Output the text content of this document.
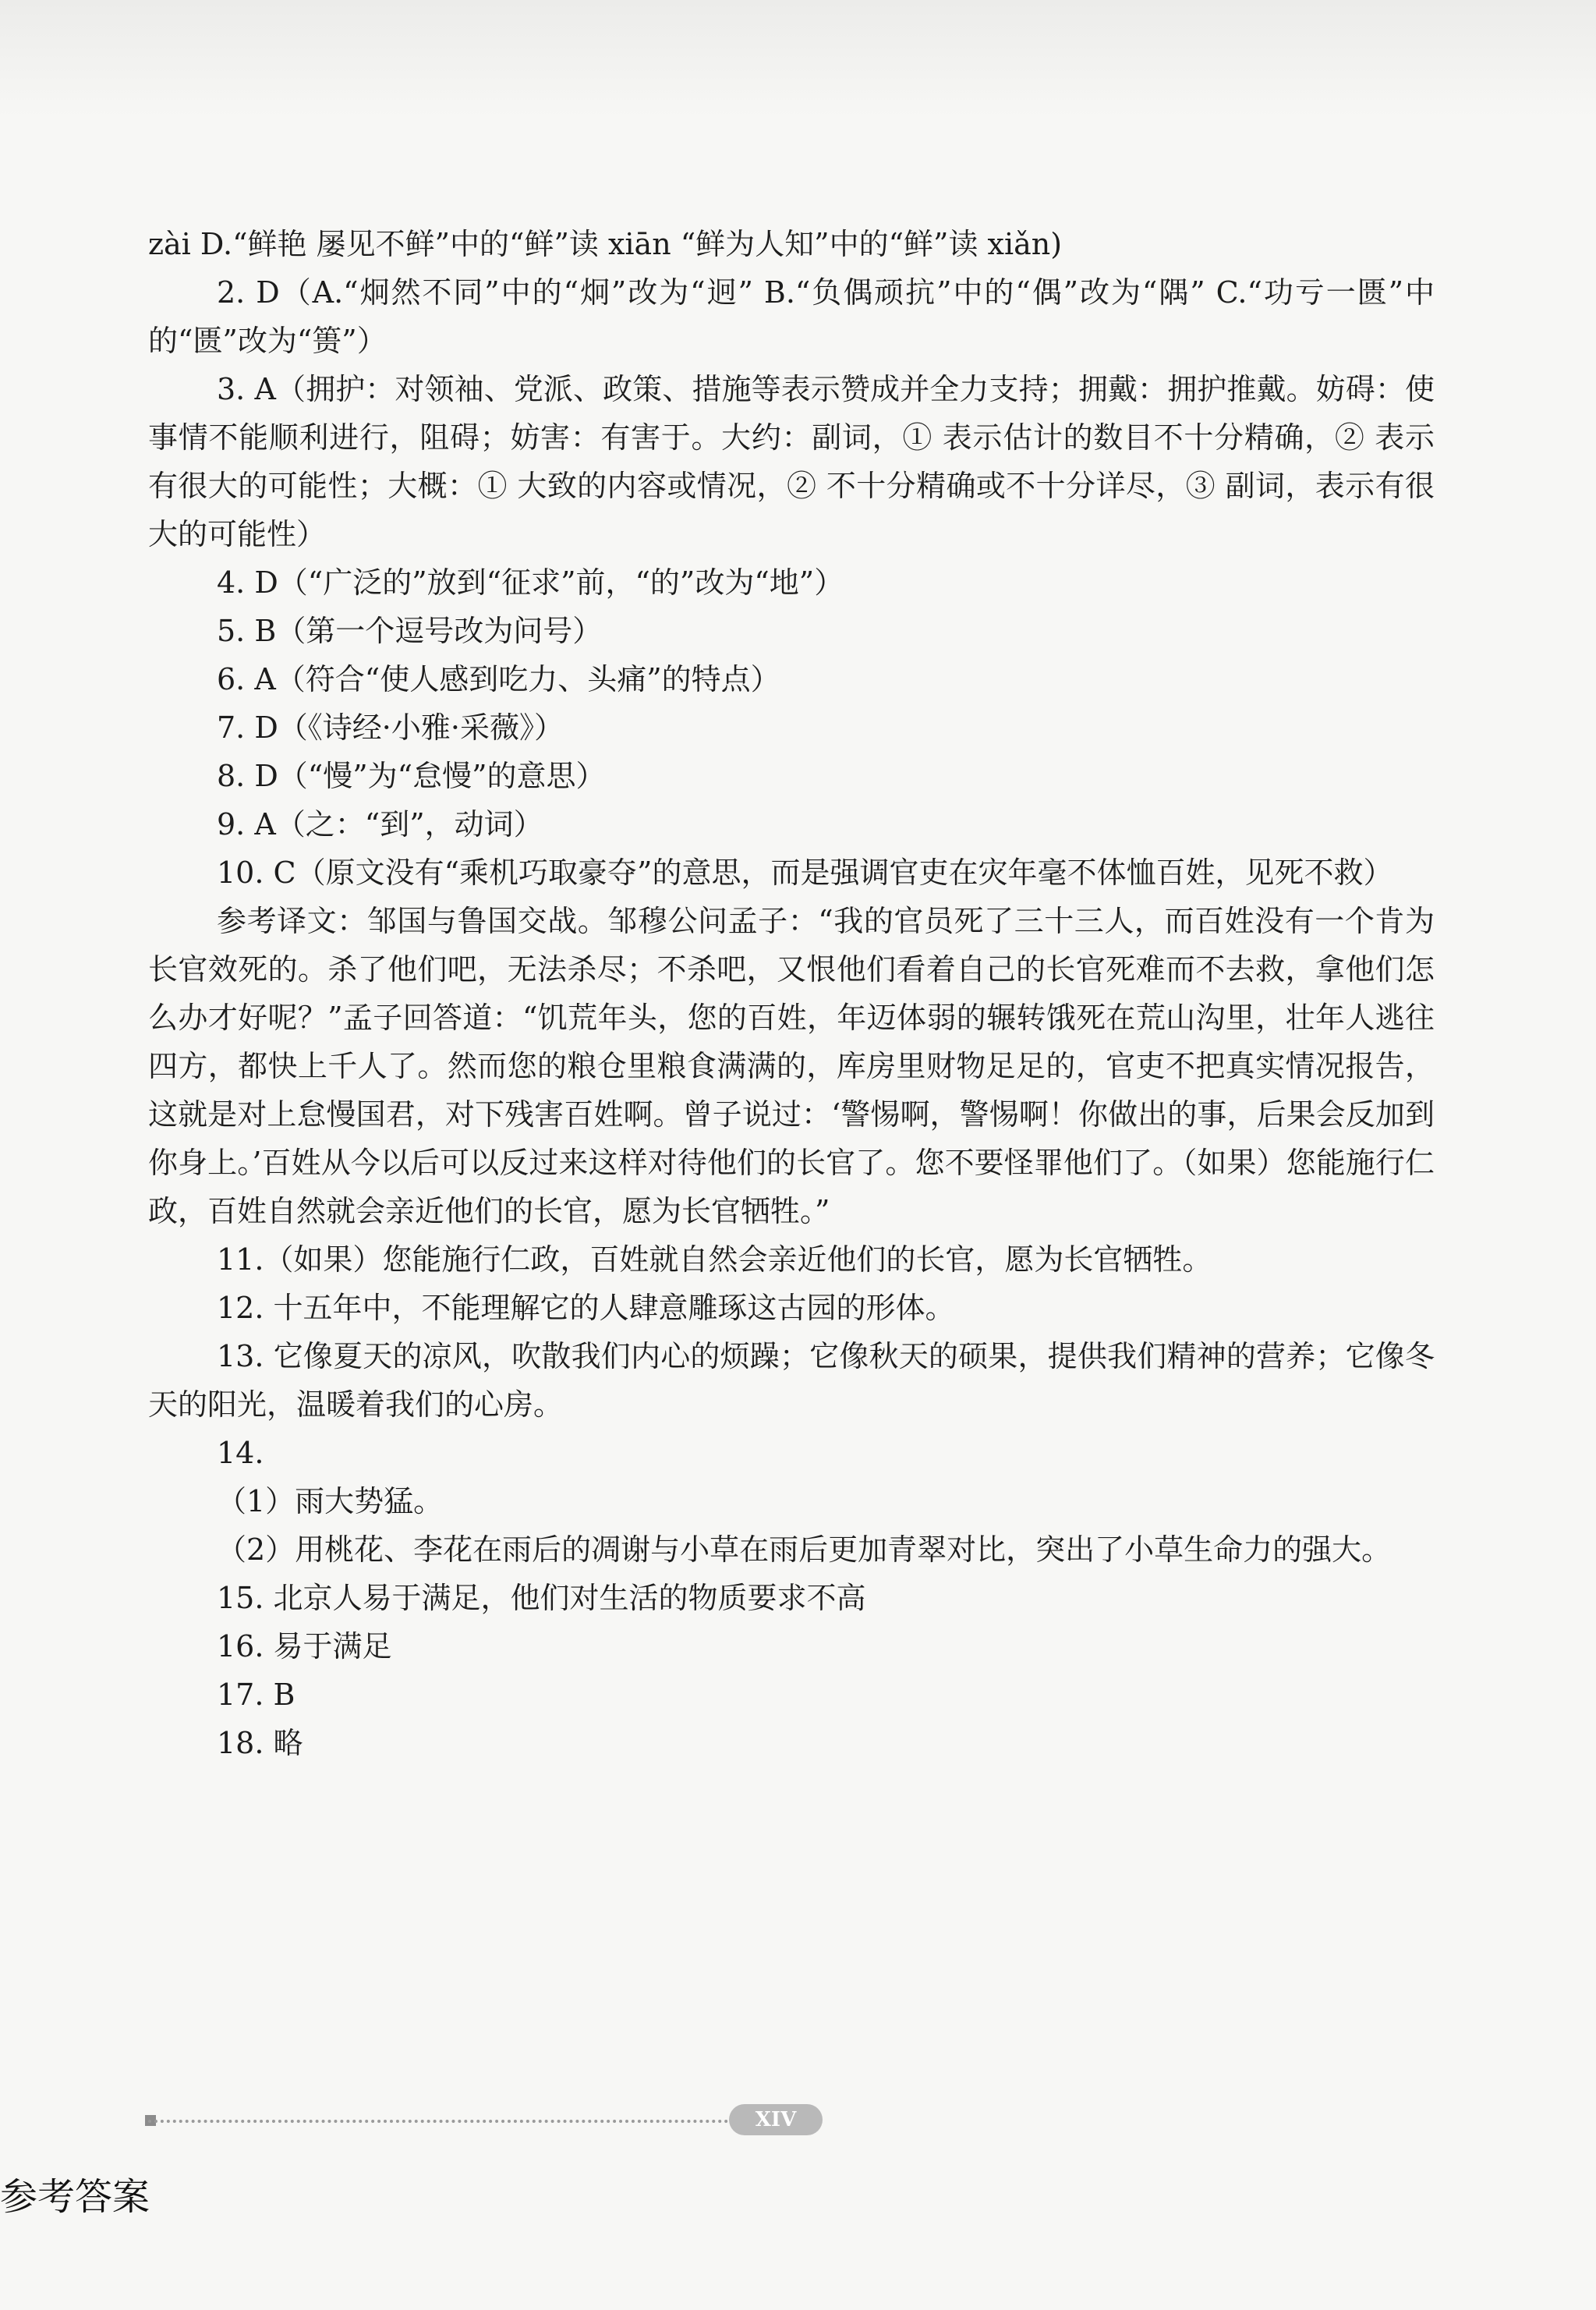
zài D.“鲜艳 屡见不鲜”中的“鲜”读 xiān “鲜为人知”中的“鲜”读 xiǎn)

2. D（A.“炯然不同”中的“炯”改为“迥” B.“负偶顽抗”中的“偶”改为“隅” C.“功亏一匮”中的“匮”改为“篑”）

3. A（拥护：对领袖、党派、政策、措施等表示赞成并全力支持；拥戴：拥护推戴。妨碍：使事情不能顺利进行，阻碍；妨害：有害于。大约：副词，① 表示估计的数目不十分精确，② 表示有很大的可能性；大概：① 大致的内容或情况，② 不十分精确或不十分详尽，③ 副词，表示有很大的可能性）

4. D（“广泛的”放到“征求”前，“的”改为“地”）

5. B（第一个逗号改为问号）

6. A（符合“使人感到吃力、头痛”的特点）

7. D（《诗经·小雅·采薇》）

8. D（“慢”为“怠慢”的意思）

9. A（之：“到”，动词）

10. C（原文没有“乘机巧取豪夺”的意思，而是强调官吏在灾年毫不体恤百姓，见死不救）

参考译文：邹国与鲁国交战。邹穆公问孟子：“我的官员死了三十三人，而百姓没有一个肯为长官效死的。杀了他们吧，无法杀尽；不杀吧，又恨他们看着自己的长官死难而不去救，拿他们怎么办才好呢？”孟子回答道：“饥荒年头，您的百姓，年迈体弱的辗转饿死在荒山沟里，壮年人逃往四方，都快上千人了。然而您的粮仓里粮食满满的，库房里财物足足的，官吏不把真实情况报告，这就是对上怠慢国君，对下残害百姓啊。曾子说过：‘警惕啊，警惕啊！你做出的事，后果会反加到你身上。’百姓从今以后可以反过来这样对待他们的长官了。您不要怪罪他们了。（如果）您能施行仁政，百姓自然就会亲近他们的长官，愿为长官牺牲。”

11.（如果）您能施行仁政，百姓就自然会亲近他们的长官，愿为长官牺牲。

12. 十五年中，不能理解它的人肆意雕琢这古园的形体。

13. 它像夏天的凉风，吹散我们内心的烦躁；它像秋天的硕果，提供我们精神的营养；它像冬天的阳光，温暖着我们的心房。

14.

（1）雨大势猛。

（2）用桃花、李花在雨后的凋谢与小草在雨后更加青翠对比，突出了小草生命力的强大。

15. 北京人易于满足，他们对生活的物质要求不高

16. 易于满足

17. B

18. 略

XIV
参考答案
